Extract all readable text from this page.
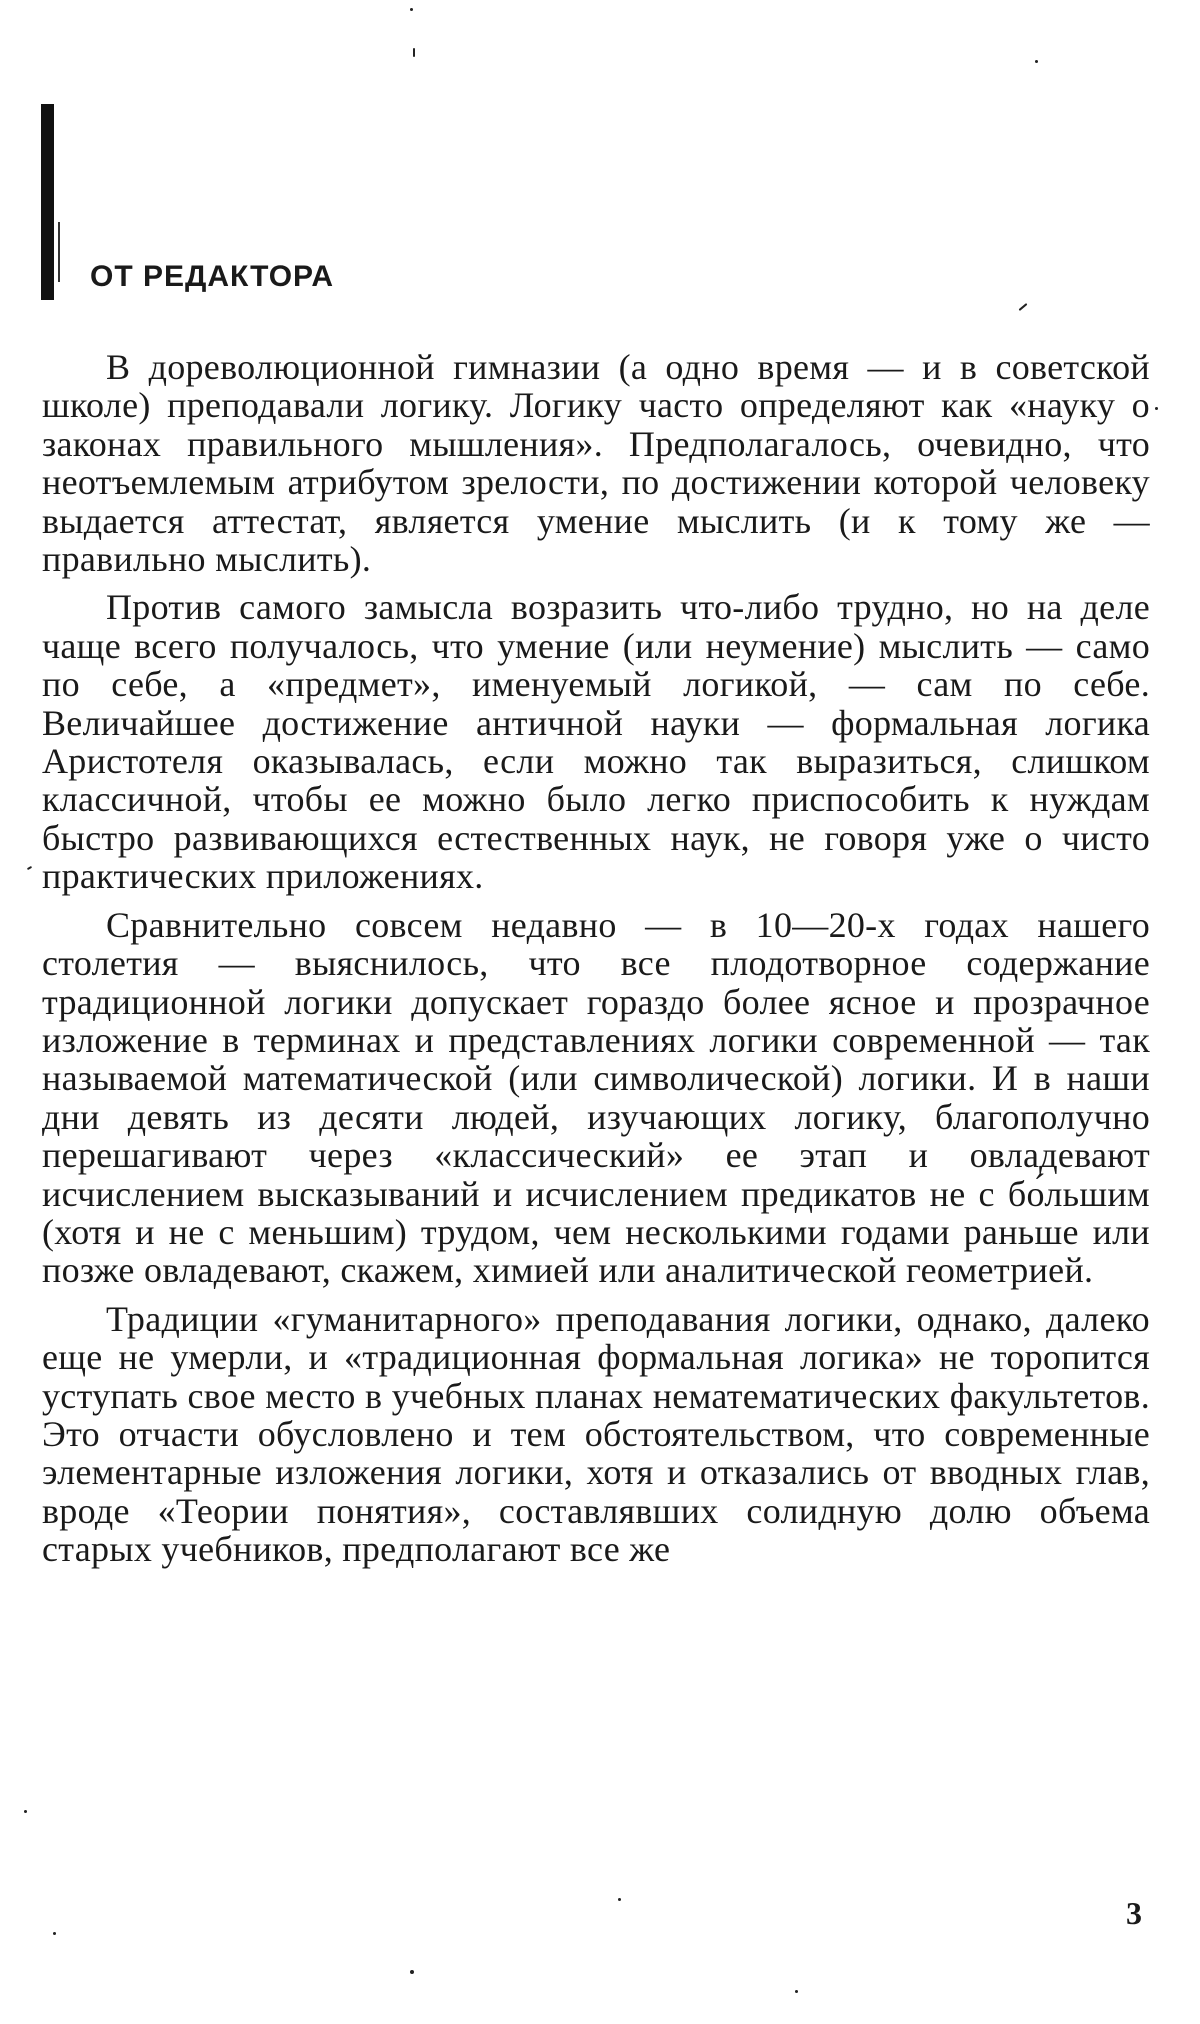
ОТ РЕДАКТОРА

В дореволюционной гимназии (а одно время — и в советской школе) преподавали логику. Логику часто определяют как «науку о законах правильного мышления». Предполагалось, очевидно, что неотъемлемым атрибутом зрелости, по достижении которой человеку выдается аттестат, является умение мыслить (и к тому же — правильно мыслить).

Против самого замысла возразить что-либо трудно, но на деле чаще всего получалось, что умение (или неумение) мыслить — само по себе, а «предмет», именуемый логикой, — сам по себе. Величайшее достижение античной науки — формальная логика Аристотеля оказывалась, если можно так выразиться, слишком классичной, чтобы ее можно было легко приспособить к нуждам быстро развивающихся естественных наук, не говоря уже о чисто практических приложениях.

Сравнительно совсем недавно — в 10—20-х годах нашего столетия — выяснилось, что все плодотворное содержание традиционной логики допускает гораздо более ясное и прозрачное изложение в терминах и представлениях логики современной — так называемой математической (или символической) логики. И в наши дни девять из десяти людей, изучающих логику, благополучно перешагивают через «классический» ее этап и овладевают исчислением высказываний и исчислением предикатов не с бо́льшим (хотя и не с меньшим) трудом, чем несколькими годами раньше или позже овладевают, скажем, химией или аналитической геометрией.

Традиции «гуманитарного» преподавания логики, однако, далеко еще не умерли, и «традиционная формальная логика» не торопится уступать свое место в учебных планах нематематических факультетов. Это отчасти обусловлено и тем обстоятельством, что современные элементарные изложения логики, хотя и отказались от вводных глав, вроде «Теории понятия», составлявших солидную долю объема старых учебников, предполагают все же

3
